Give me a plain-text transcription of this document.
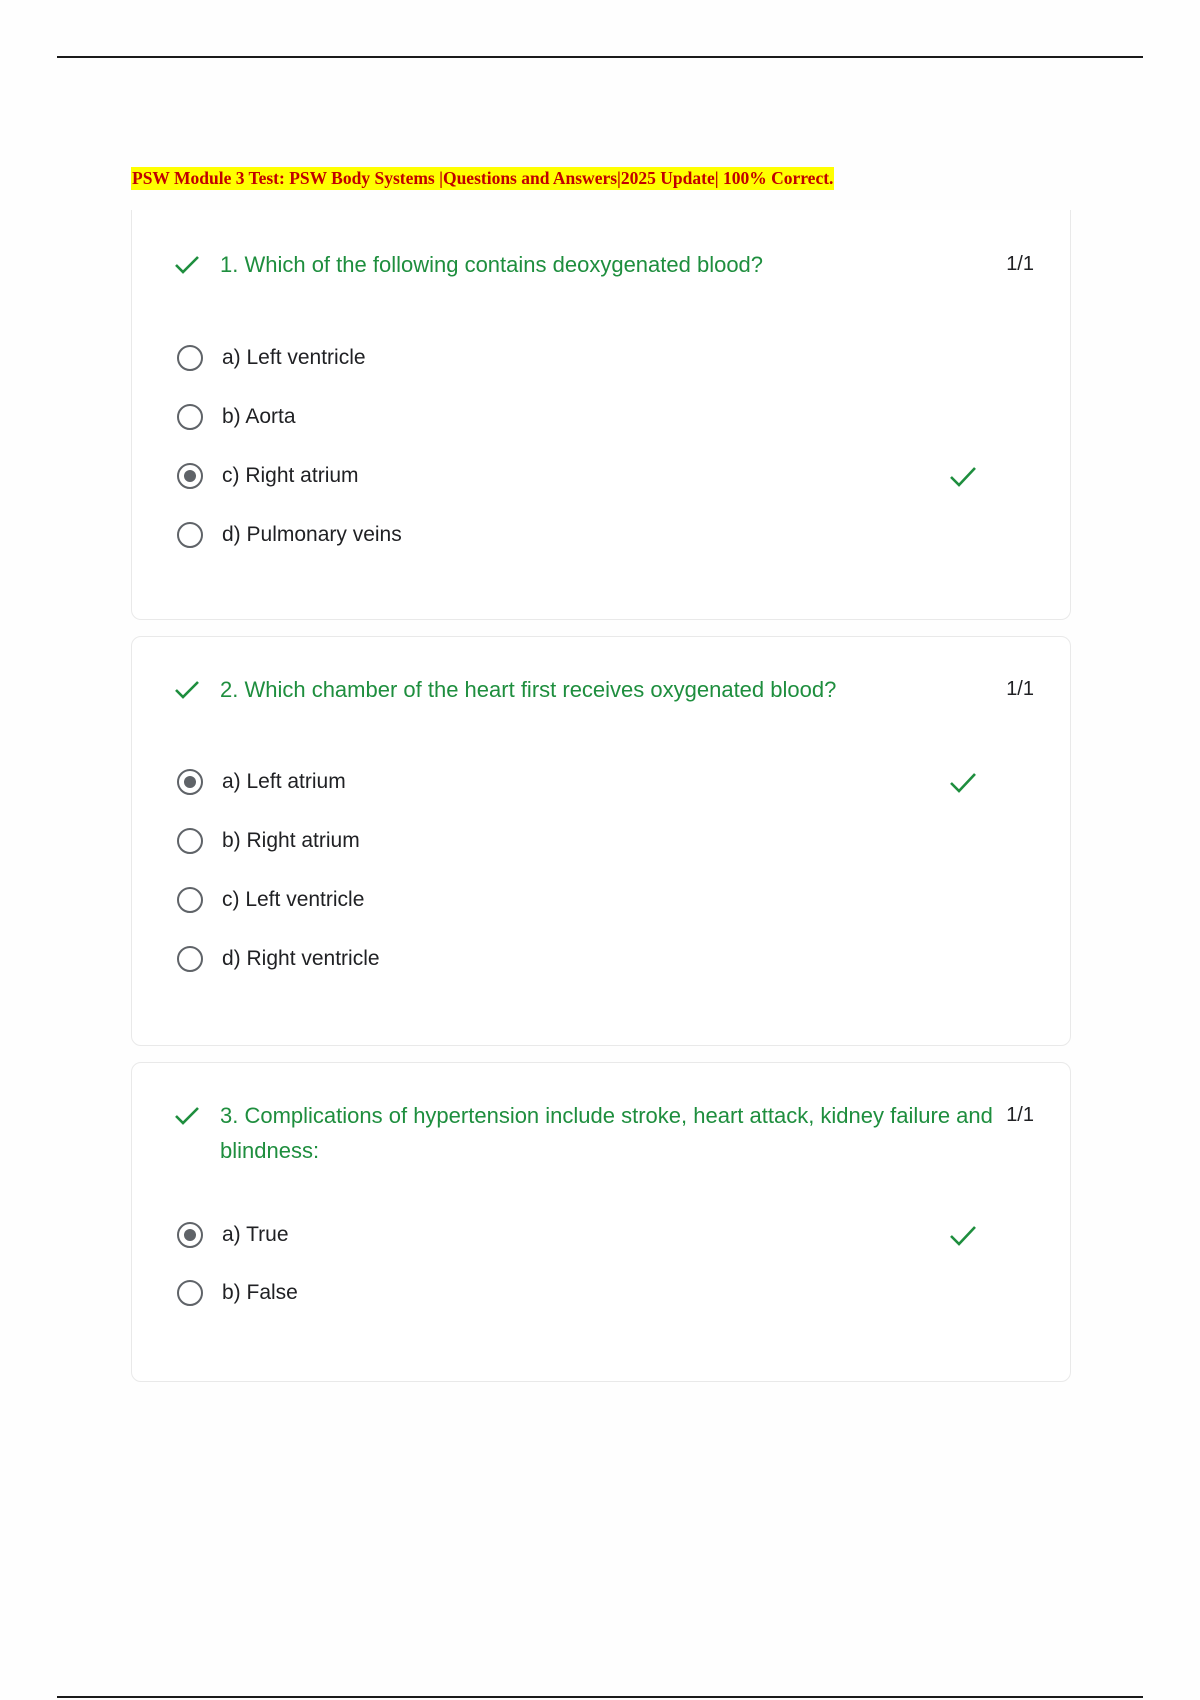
PSW Module 3 Test: PSW Body Systems |Questions and Answers|2025 Update| 100% Correct.
1. Which of the following contains deoxygenated blood?	1/1
a) Left ventricle
b) Aorta
c) Right atrium
d) Pulmonary veins
2. Which chamber of the heart first receives oxygenated blood?	1/1
a) Left atrium
b) Right atrium
c) Left ventricle
d) Right ventricle
3. Complications of hypertension include stroke, heart attack, kidney failure and blindness:
1/1
a) True
b) False
